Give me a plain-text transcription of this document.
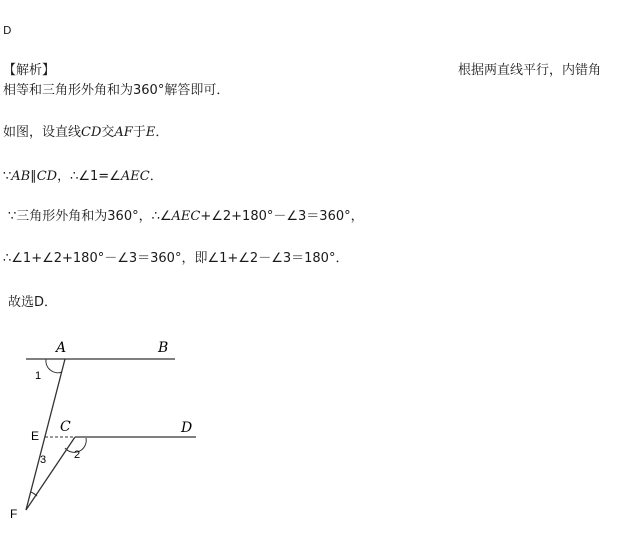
D
【解析】	根据两直线平行，内错角
相等和三角形外角和为360°解答即可．
如图，设直线CD交AF于E．
∵AB∥CD，∴∠1=∠AEC．
∵三角形外角和为360°，∴∠AEC+∠2+180°－∠3＝360°，
∴∠1+∠2+180°－∠3＝360°，即∠1+∠2－∠3＝180°．
故选D．
A	B
C	D
E
F
1
2
3
